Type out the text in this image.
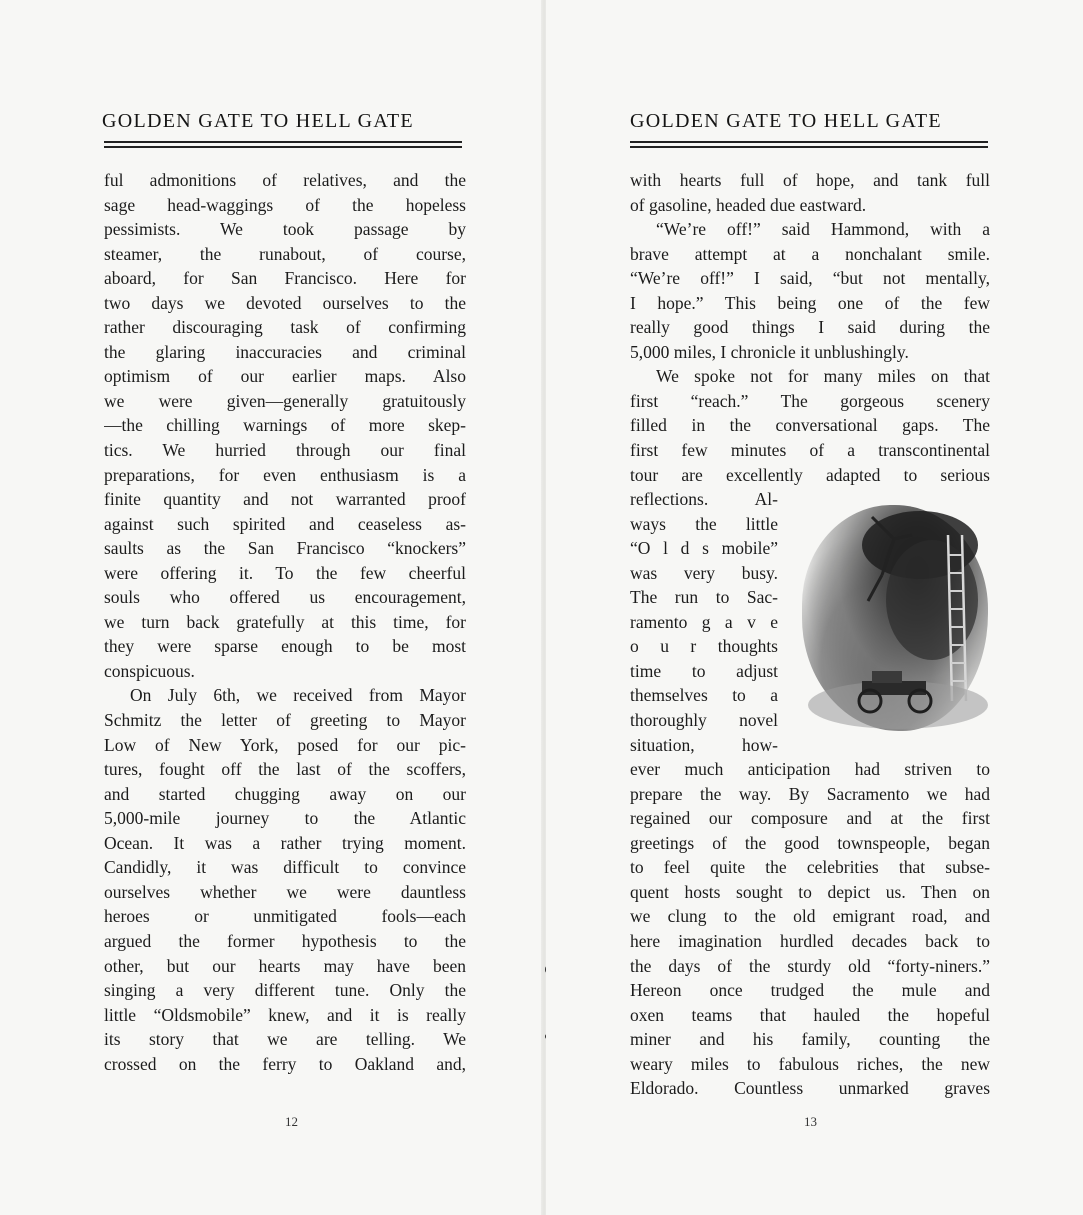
GOLDEN GATE TO HELL GATE
ful admonitions of relatives, and the
sage head-waggings of the hopeless
pessimists. We took passage by
steamer, the runabout, of course,
aboard, for San Francisco. Here for
two days we devoted ourselves to the
rather discouraging task of confirming
the glaring inaccuracies and criminal
optimism of our earlier maps. Also
we were given—generally gratuitously
—the chilling warnings of more skep-
tics. We hurried through our final
preparations, for even enthusiasm is a
finite quantity and not warranted proof
against such spirited and ceaseless as-
saults as the San Francisco “knockers”
were offering it. To the few cheerful
souls who offered us encouragement,
we turn back gratefully at this time, for
they were sparse enough to be most
conspicuous.
On July 6th, we received from Mayor
Schmitz the letter of greeting to Mayor
Low of New York, posed for our pic-
tures, fought off the last of the scoffers,
and started chugging away on our
5,000-mile journey to the Atlantic
Ocean. It was a rather trying moment.
Candidly, it was difficult to convince
ourselves whether we were dauntless
heroes or unmitigated fools—each
argued the former hypothesis to the
other, but our hearts may have been
singing a very different tune. Only the
little “Oldsmobile” knew, and it is really
its story that we are telling. We
crossed on the ferry to Oakland and,
12
GOLDEN GATE TO HELL GATE
with hearts full of hope, and tank full
of gasoline, headed due eastward.
“We’re off!” said Hammond, with a
brave attempt at a nonchalant smile.
“We’re off!” I said, “but not mentally,
I hope.” This being one of the few
really good things I said during the
5,000 miles, I chronicle it unblushingly.
We spoke not for many miles on that
first “reach.” The gorgeous scenery
filled in the conversational gaps. The
first few minutes of a transcontinental
tour are excellently adapted to serious
reflections. Al-
ways the little
“O l d s mobile”
was very busy.
The run to Sac-
ramento g a v e
o u r thoughts
time to adjust
themselves to a
thoroughly novel
situation, how-
ever much anticipation had striven to
prepare the way. By Sacramento we had
regained our composure and at the first
greetings of the good townspeople, began
to feel quite the celebrities that subse-
quent hosts sought to depict us. Then on
we clung to the old emigrant road, and
here imagination hurdled decades back to
the days of the sturdy old “forty-niners.”
Hereon once trudged the mule and
oxen teams that hauled the hopeful
miner and his family, counting the
weary miles to fabulous riches, the new
Eldorado. Countless unmarked graves
13
